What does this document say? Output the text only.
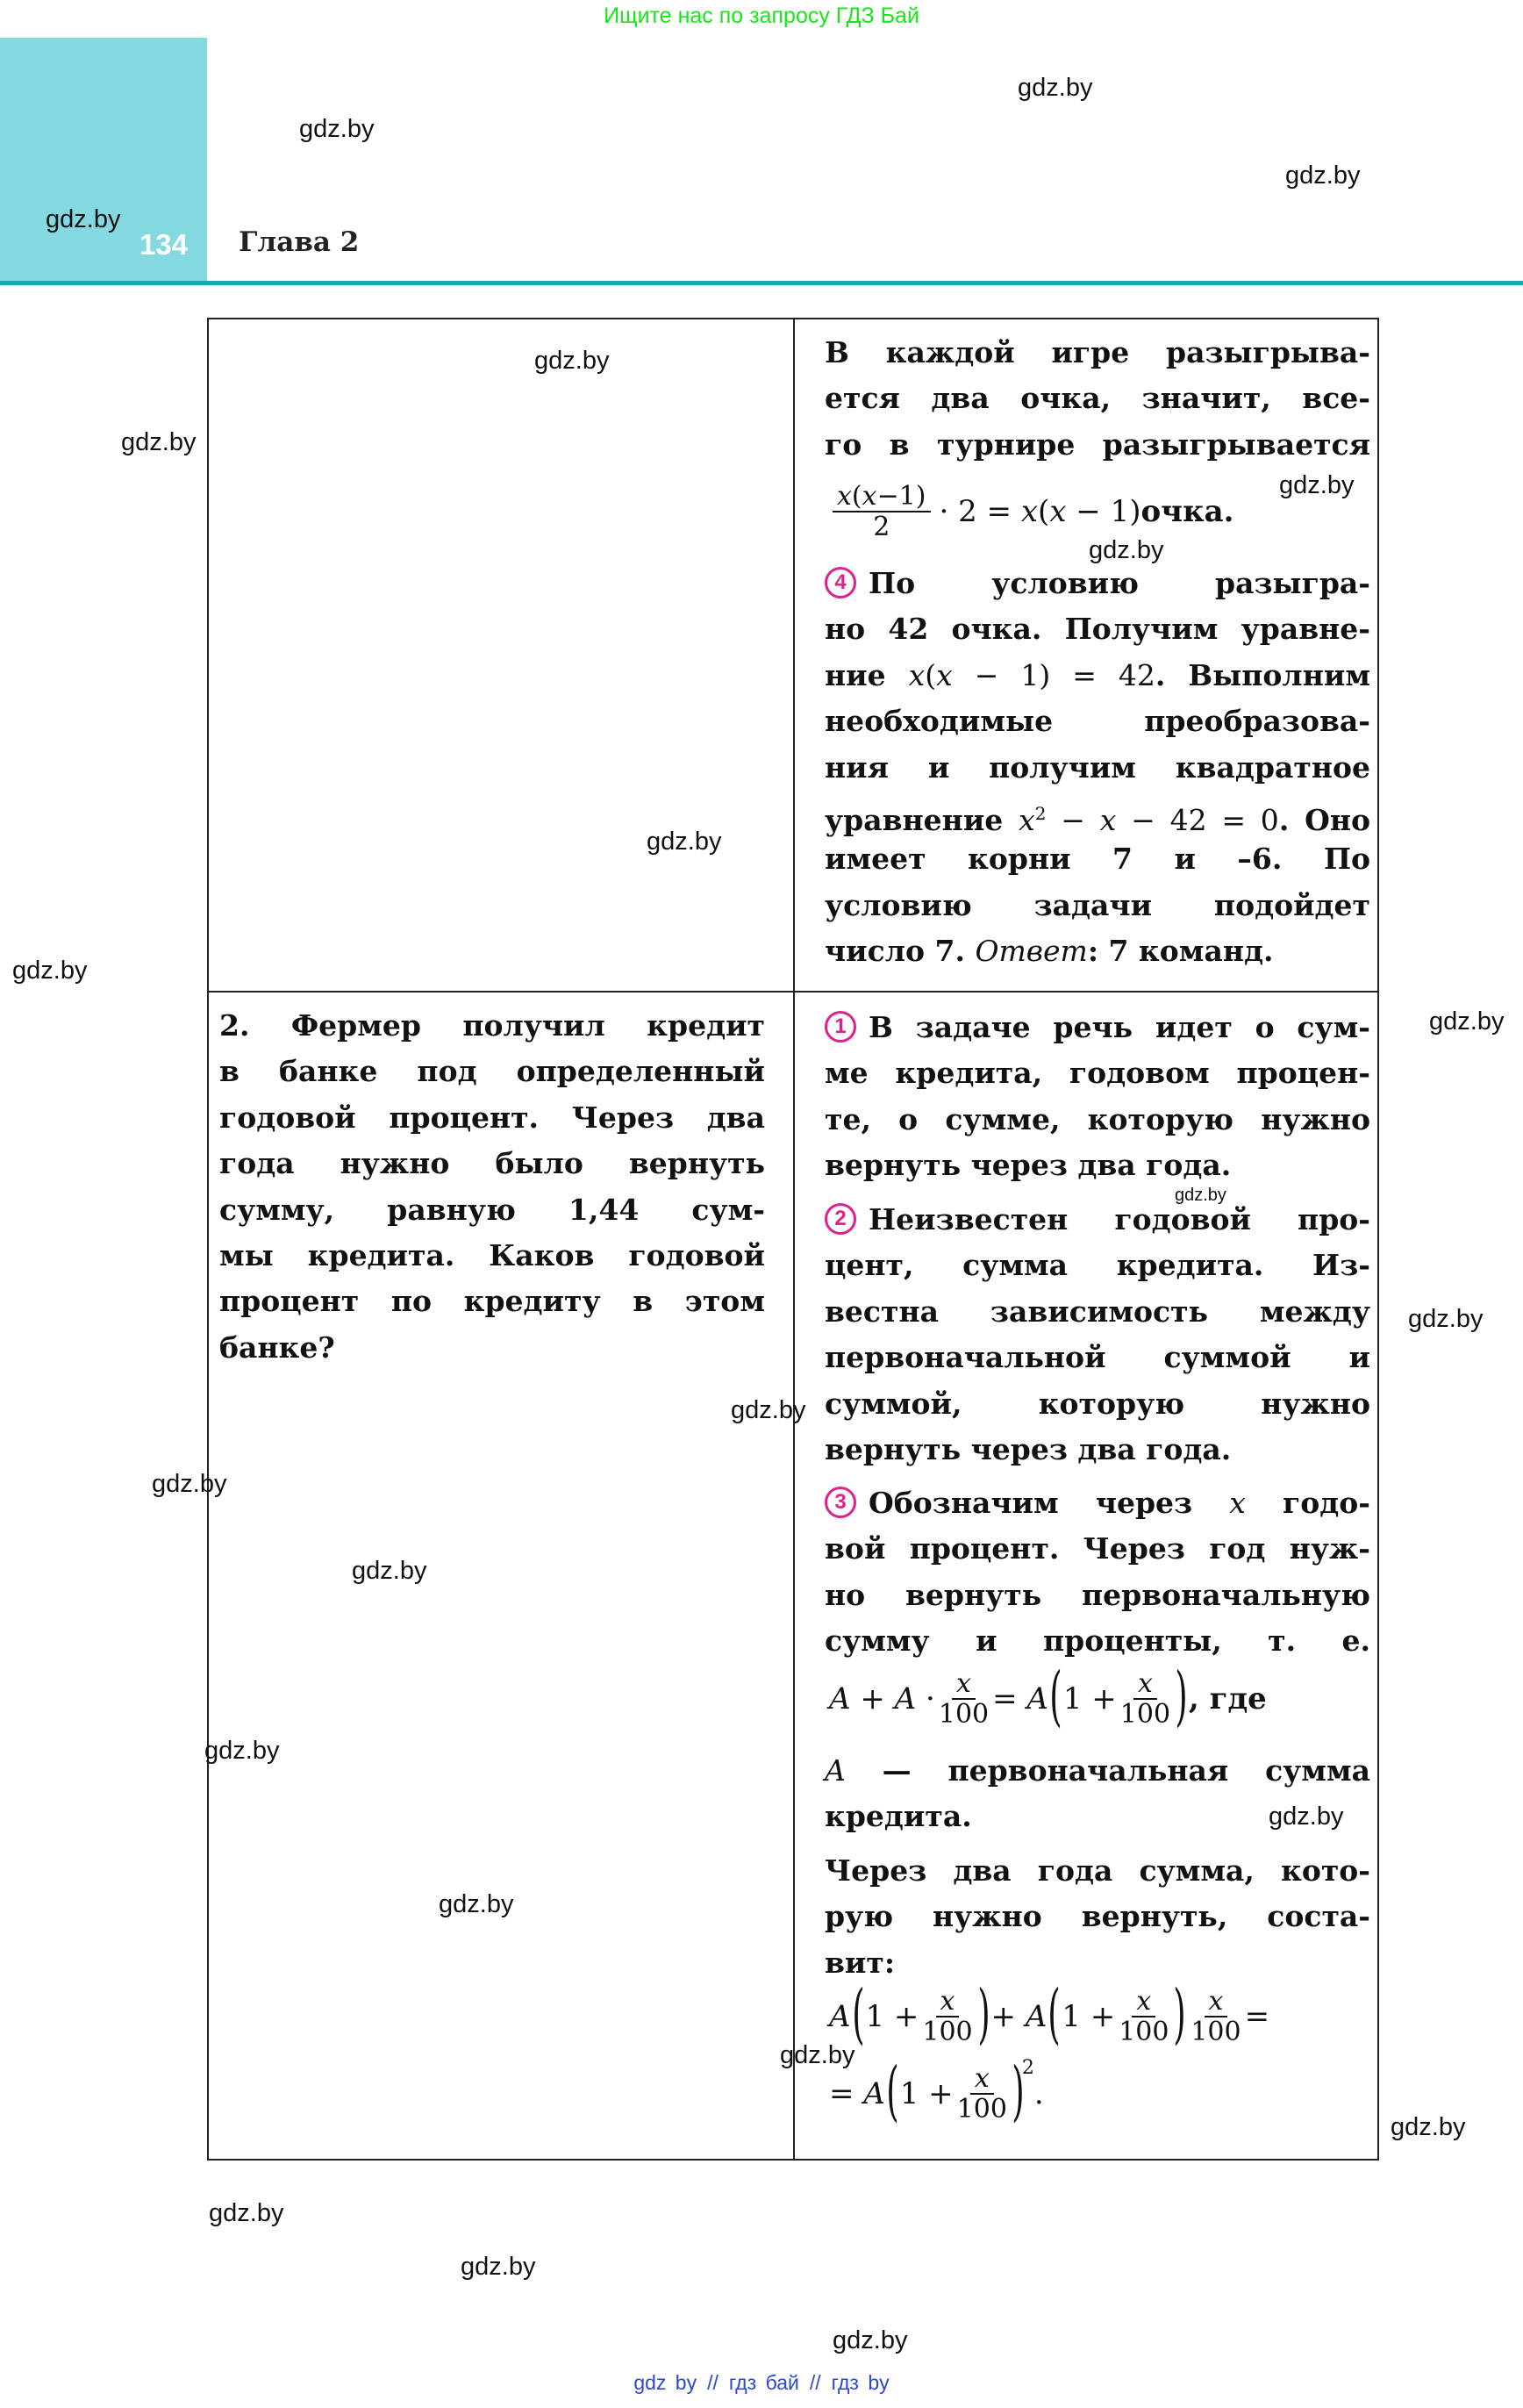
Ищите нас по запросу ГДЗ Бай
134 Глава 2
В каждой игре разыгрыва-
ется два очка, значит, все-
го в турнире разыгрывается
$\frac{x(x-1)}{2} \cdot 2 = x(x - 1)$ очка.
4 По условию разыгра-
но 42 очка. Получим уравне-
ние x(x − 1) = 42. Выполним
необходимые преобразова-
ния и получим квадратное
уравнение $x^2 - x - 42 = 0$. Оно
имеет корни 7 и –6. По
условию задачи подойдет
число 7. Ответ: 7 команд.
2. Фермер получил кредит
в банке под определенный
годовой процент. Через два
года нужно было вернуть
сумму, равную 1,44 сум-
мы кредита. Каков годовой
процент по кредиту в этом
банке?
1 В задаче речь идет о сум-
ме кредита, годовом процен-
те, о сумме, которую нужно
вернуть через два года.
2 Неизвестен годовой про-
цент, сумма кредита. Из-
вестна зависимость между
первоначальной суммой и
суммой, которую нужно
вернуть через два года.
3 Обозначим через x годо-
вой процент. Через год нуж-
но вернуть первоначальную
сумму и проценты, т. е.
$A + A \cdot \frac{x}{100} = A$ ( $1 + \frac{x}{100}$ ) , где
A — первоначальная сумма
кредита.
Через два года сумма, кото-
рую нужно вернуть, соста-
вит:
A ( $1 + \frac{x}{100}$ ) + A ( $1 + \frac{x}{100}$ ) $\frac{x}{100}$ =
= A ( $1 + \frac{x}{100}$ )
2
.
gdz.by
gdz.by
gdz.by
gdz.by
gdz.by
gdz.by
gdz.by
gdz.by
gdz.by
gdz.by
gdz.by
gdz.by
gdz.by
gdz.by
gdz.by
gdz.by
gdz.by
gdz.by
gdz.by
gdz.by
gdz.by
gdz.by
gdz.by
gdz.by
gdz by // гдз бай // гдз by
